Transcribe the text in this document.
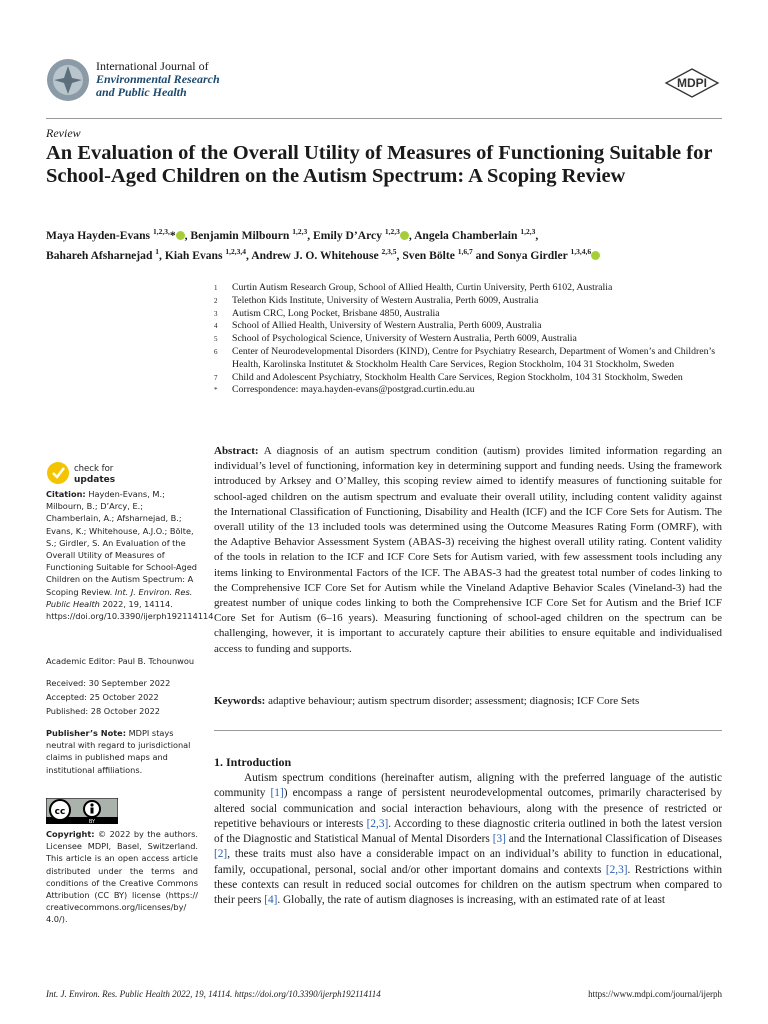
International Journal of
Environmental Research
and Public Health
MDPI
Review
An Evaluation of the Overall Utility of Measures of Functioning Suitable for School-Aged Children on the Autism Spectrum: A Scoping Review
Maya Hayden-Evans $^{1,2,3,}$* , Benjamin Milbourn $^{1,2,3}$, Emily D’Arcy $^{1,2,3}$ , Angela Chamberlain $^{1,2,3}$,
Bahareh Afsharnejad $^1$, Kiah Evans $^{1,2,3,4}$, Andrew J. O. Whitehouse $^{2,3,5}$, Sven Bölte $^{1,6,7}$ and Sonya Girdler $^{1,3,4,6}$
1	Curtin Autism Research Group, School of Allied Health, Curtin University, Perth 6102, Australia
2	Telethon Kids Institute, University of Western Australia, Perth 6009, Australia
3	Autism CRC, Long Pocket, Brisbane 4850, Australia
4	School of Allied Health, University of Western Australia, Perth 6009, Australia
5	School of Psychological Science, University of Western Australia, Perth 6009, Australia
6	Center of Neurodevelopmental Disorders (KIND), Centre for Psychiatry Research, Department of Women’s and Children’s Health, Karolinska Institutet & Stockholm Health Care Services, Region Stockholm, 104 31 Stockholm, Sweden
7	Child and Adolescent Psychiatry, Stockholm Health Care Services, Region Stockholm, 104 31 Stockholm, Sweden
*	Correspondence: maya.hayden-evans@postgrad.curtin.edu.au
check for
updates
Citation: Hayden-Evans, M.; Milbourn, B.; D’Arcy, E.; Chamberlain, A.; Afsharnejad, B.; Evans, K.; Whitehouse, A.J.O.; Bölte, S.; Girdler, S. An Evaluation of the Overall Utility of Measures of Functioning Suitable for School-Aged Children on the Autism Spectrum: A Scoping Review. Int. J. Environ. Res. Public Health 2022, 19, 14114. https://doi.org/10.3390/ijerph192114114
Academic Editor: Paul B. Tchounwou
Received: 30 September 2022
Accepted: 25 October 2022
Published: 28 October 2022
Publisher’s Note: MDPI stays neutral with regard to jurisdictional claims in published maps and institutional affiliations.
cc
BY
Copyright: © 2022 by the authors. Licensee MDPI, Basel, Switzerland. This article is an open access article distributed under the terms and conditions of the Creative Commons Attribution (CC BY) license (https:// creativecommons.org/licenses/by/ 4.0/).
Abstract: A diagnosis of an autism spectrum condition (autism) provides limited information regarding an individual’s level of functioning, information key in determining support and funding needs. Using the framework introduced by Arksey and O’Malley, this scoping review aimed to identify measures of functioning suitable for school-aged children on the autism spectrum and evaluate their overall utility, including content validity against the International Classification of Functioning, Disability and Health (ICF) and the ICF Core Sets for Autism. The overall utility of the 13 included tools was determined using the Outcome Measures Rating Form (OMRF), with the Adaptive Behavior Assessment System (ABAS-3) receiving the highest overall utility rating. Content validity of the tools in relation to the ICF and ICF Core Sets for Autism varied, with few assessment tools including any items linking to Environmental Factors of the ICF. The ABAS-3 had the greatest total number of codes linking to the Comprehensive ICF Core Set for Autism while the Vineland Adaptive Behavior Scales (Vineland-3) had the greatest number of unique codes linking to both the Comprehensive ICF Core Set for Autism and the Brief ICF Core Set for Autism (6–16 years). Measuring functioning of school-aged children on the spectrum can be challenging, however, it is important to accurately capture their abilities to ensure equitable and individualised access to funding and supports.
Keywords: adaptive behaviour; autism spectrum disorder; assessment; diagnosis; ICF Core Sets
1. Introduction
Autism spectrum conditions (hereinafter autism, aligning with the preferred language of the autistic community [1]) encompass a range of persistent neurodevelopmental outcomes, primarily characterised by altered social communication and social interaction behaviours, along with the presence of restricted or repetitive behaviours or interests [2,3]. According to these diagnostic criteria outlined in both the latest version of the Diagnostic and Statistical Manual of Mental Disorders [3] and the International Classification of Diseases [2], these traits must also have a considerable impact on an individual’s ability to function in educational, family, occupational, personal, social and/or other important domains and contexts [2,3]. Restrictions within these contexts can result in reduced social outcomes for children on the autism spectrum when compared to their peers [4]. Globally, the rate of autism diagnoses is increasing, with an estimated rate of at least
Int. J. Environ. Res. Public Health 2022, 19, 14114. https://doi.org/10.3390/ijerph192114114	https://www.mdpi.com/journal/ijerph
